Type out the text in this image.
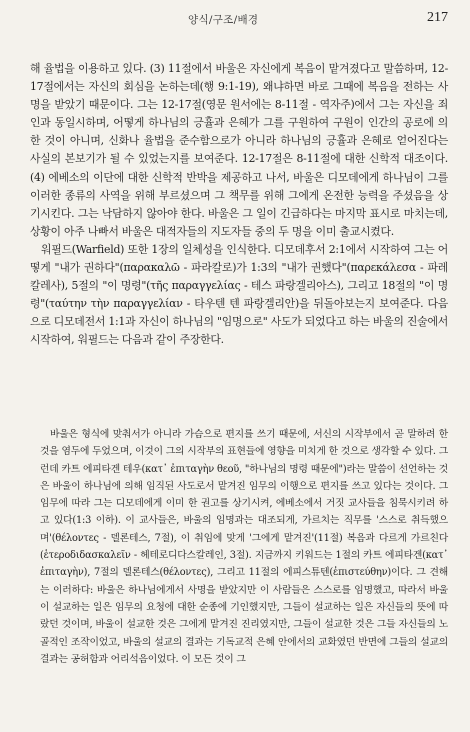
양식/구조/배경	217

해 율법을 이용하고 있다. (3) 11절에서 바울은 자신에게 복음이 맡겨졌다고 말씀하며, 12-17절에서는 자신의 회심을 논하는데(행 9:1-19), 왜냐하면 바로 그때에 복음을 전하는 사명을 받았기 때문이다. 그는 12-17절(영문 원서에는 8-11절 - 역자주)에서 그는 자신을 죄인과 동일시하며, 어떻게 하나님의 긍휼과 은혜가 그를 구원하여 구원이 인간의 공로에 의한 것이 아니며, 신화나 율법을 준수함으로가 아니라 하나님의 긍휼과 은혜로 얻어진다는 사실의 본보기가 될 수 있었는지를 보여준다. 12-17절은 8-11절에 대한 신학적 대조이다. (4) 에베소의 이단에 대한 신학적 반박을 제공하고 나서, 바울은 디모데에게 하나님이 그를 이러한 종류의 사역을 위해 부르셨으며 그 책무를 위해 그에게 온전한 능력을 주셨음을 상기시킨다. 그는 낙담하지 않아야 한다. 바울은 그 일이 긴급하다는 마지막 표시로 마치는데, 상황이 아주 나빠서 바울은 대적자들의 지도자들 중의 두 명을 이미 출교시켰다.

워필드(Warfield) 또한 1장의 일체성을 인식한다. 디모데후서 2:1에서 시작하여 그는 어떻게 "내가 권하다"(παρακαλῶ - 파라칼로)가 1:3의 "내가 권했다"(παρεκάλεσα - 파레칼레사), 5절의 "이 명령"(τῆς παραγγελίας - 테스 파랑겔리아스), 그리고 18절의 "이 명령"(ταύτην τὴν παραγγελίαν - 타우텐 텐 파랑겔리안)을 뒤돌아보는지 보여준다. 다음으로 디모데전서 1:1과 자신이 하나님의 "임명으로" 사도가 되었다고 하는 바울의 진술에서 시작하여, 워필드는 다음과 같이 주장한다.

바울은 형식에 맞춰서가 아니라 가슴으로 편지를 쓰기 때문에, 서신의 시작부에서 곧 말하려 한 것을 염두에 두었으며, 이것이 그의 시작부의 표현들에 영향을 미치게 한 것으로 생각할 수 있다. 그런데 카트 에피타겐 테우(κατ᾽ ἐπιταγὴν θεοῦ, "하나님의 명령 때문에")라는 말씀이 선언하는 것은 바울이 하나님에 의해 임직된 사도로서 맡겨진 임무의 이행으로 편지를 쓰고 있다는 것이다. 그 임무에 따라 그는 디모데에게 이미 한 권고를 상기시켜, 에베소에서 거짓 교사들을 침묵시키려 하고 있다(1:3 이하). 이 교사들은, 바울의 임명과는 대조되게, 가르치는 직무를 '스스로 취득했으며'(θέλοντες - 델론테스, 7절), 이 취임에 맞게 '그에게 맡겨진'(11절) 복음과 다르게 가르친다(ἑτεροδιδασκαλεῖν - 헤테로디다스칼레인, 3절). 지금까지 키워드는 1절의 카트 에피타겐(κατ᾽ ἐπιταγὴν), 7절의 델론테스(θέλοντες), 그리고 11절의 에피스튜텐(ἐπιστεύθην)이다. 그 견해는 이러하다: 바울은 하나님에게서 사명을 받았지만 이 사람들은 스스로를 임명했고, 따라서 바울이 설교하는 일은 임무의 요청에 대한 순종에 기인했지만, 그들이 설교하는 일은 자신들의 뜻에 따랐던 것이며, 바울이 설교한 것은 그에게 맡겨진 진리였지만, 그들이 설교한 것은 그들 자신들의 노골적인 조작이었고, 바울의 설교의 결과는 기독교적 은혜 안에서의 교화였던 반면에 그들의 설교의 결과는 공허함과 어리석음이었다. 이 모든 것이 그
